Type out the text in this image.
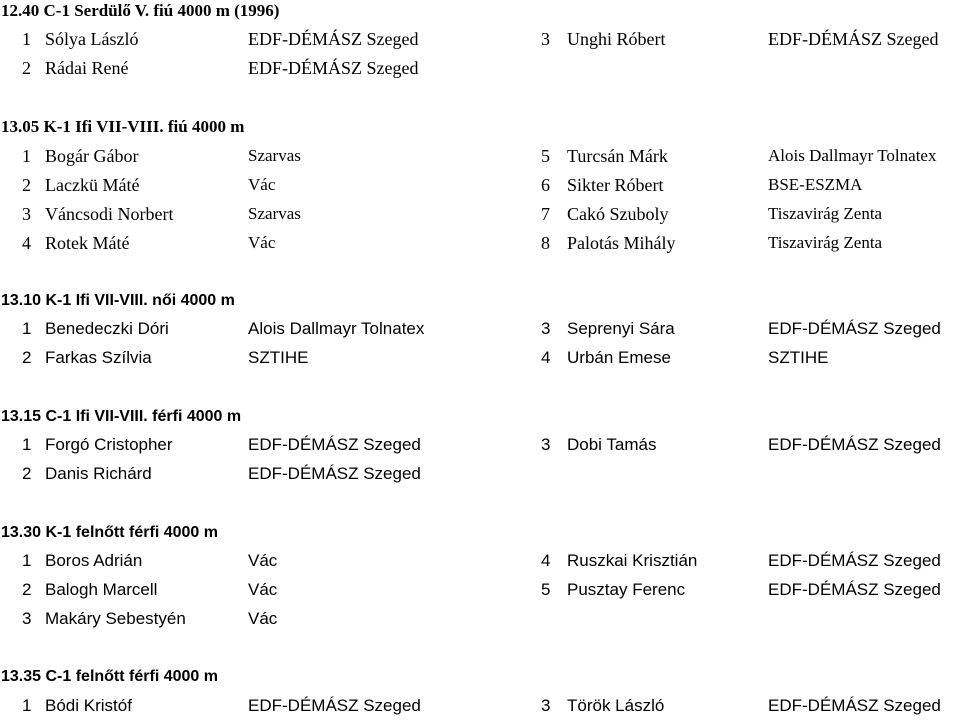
12.40 C-1 Serdülő V. fiú 4000 m (1996)
1 Sólya László	EDF-DÉMÁSZ Szeged	3 Unghi Róbert	EDF-DÉMÁSZ Szeged
2 Rádai René	EDF-DÉMÁSZ Szeged
13.05 K-1 Ifi VII-VIII. fiú 4000 m
1 Bogár Gábor	Szarvas	5 Turcsán Márk	Alois Dallmayr Tolnatex
2 Laczkü Máté	Vác	6 Sikter Róbert	BSE-ESZMA
3 Váncsodi Norbert	Szarvas	7 Cakó Szuboly	Tiszavirág Zenta
4 Rotek Máté	Vác	8 Palotás Mihály	Tiszavirág Zenta
13.10 K-1 Ifi VII-VIII. női 4000 m
1 Benedeczki Dóri	Alois Dallmayr Tolnatex	3 Seprenyi Sára	EDF-DÉMÁSZ Szeged
2 Farkas Szílvia	SZTIHE	4 Urbán Emese	SZTIHE
13.15 C-1 Ifi VII-VIII. férfi 4000 m
1 Forgó Cristopher	EDF-DÉMÁSZ Szeged	3 Dobi Tamás	EDF-DÉMÁSZ Szeged
2 Danis Richárd	EDF-DÉMÁSZ Szeged
13.30 K-1 felnőtt férfi 4000 m
1 Boros Adrián	Vác	4 Ruszkai Krisztián	EDF-DÉMÁSZ Szeged
2 Balogh Marcell	Vác	5 Pusztay Ferenc	EDF-DÉMÁSZ Szeged
3 Makáry Sebestyén	Vác
13.35 C-1 felnőtt férfi 4000 m
1 Bódi Kristóf	EDF-DÉMÁSZ Szeged	3 Török László	EDF-DÉMÁSZ Szeged
